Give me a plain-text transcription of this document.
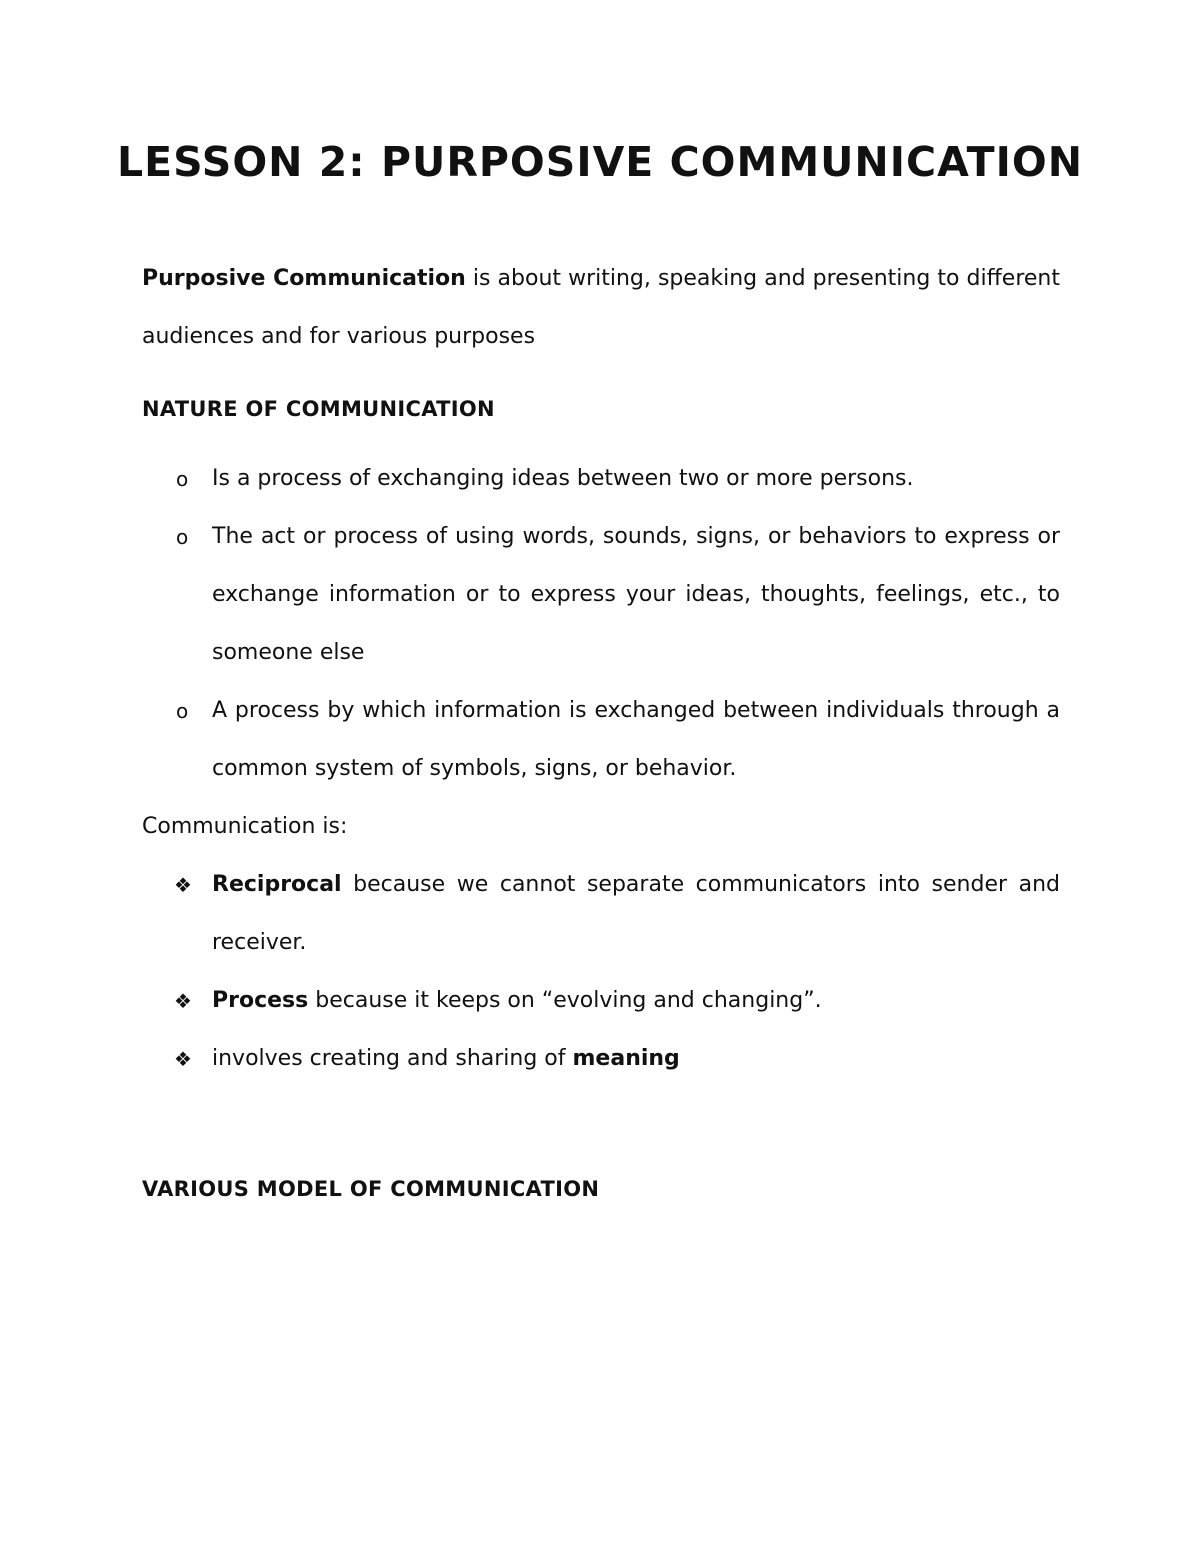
LESSON 2: PURPOSIVE COMMUNICATION

Purposive Communication is about writing, speaking and presenting to different audiences and for various purposes

NATURE OF COMMUNICATION

o Is a process of exchanging ideas between two or more persons.
o The act or process of using words, sounds, signs, or behaviors to express or exchange information or to express your ideas, thoughts, feelings, etc., to someone else
o A process by which information is exchanged between individuals through a common system of symbols, signs, or behavior.

Communication is:

❖ Reciprocal because we cannot separate communicators into sender and receiver.
❖ Process because it keeps on “evolving and changing”.
❖ involves creating and sharing of meaning

VARIOUS MODEL OF COMMUNICATION
